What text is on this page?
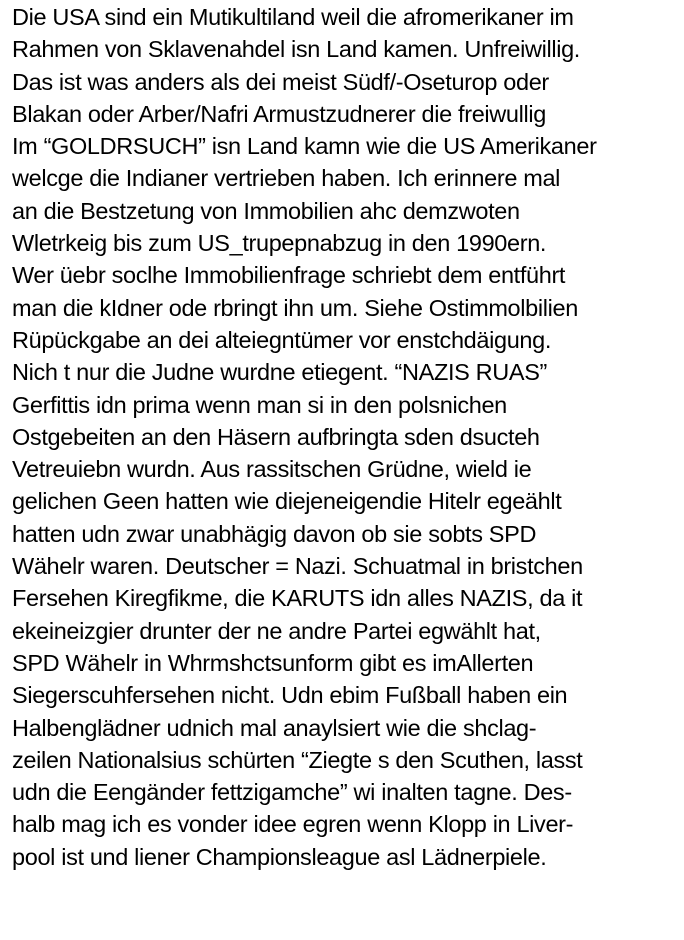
Die USA sind ein Mutikultiland weil die afromerikaner im
Rahmen von Sklavenahdel isn Land kamen. Unfreiwillig.
Das ist was anders als dei meist Südf/-Oseturop oder
Blakan oder Arber/Nafri Armustzudnerer die freiwullig
Im “GOLDRSUCH” isn Land kamn wie die US Amerikaner
welcge die Indianer vertrieben haben. Ich erinnere mal
an die Bestzetung von Immobilien ahc demzwoten
Wletrkeig bis zum US_trupepnabzug in den 1990ern.
Wer üebr soclhe Immobilienfrage schriebt dem entführt
man die kIdner ode rbringt ihn um. Siehe Ostimmolbilien
Rüpückgabe an dei alteiegntümer vor enstchdäigung.
Nich t nur die Judne wurdne etiegent. “NAZIS RUAS”
Gerfittis idn prima wenn man si in den polsnichen
Ostgebeiten an den Häsern aufbringta sden dsucteh
Vetreuiebn wurdn. Aus rassitschen Grüdne, wield ie
gelichen Geen hatten wie diejeneigendie Hitelr egeählt
hatten udn zwar unabhägig davon ob sie sobts SPD
Wähelr waren. Deutscher = Nazi. Schuatmal in bristchen
Fersehen Kiregfikme, die KARUTS idn alles NAZIS, da it
ekeineizgier drunter der ne andre Partei egwählt hat,
SPD Wähelr in Whrmshctsunform gibt es imAllerten
Siegerscuhfersehen nicht. Udn ebim Fußball haben ein
Halbenglädner udnich mal anaylsiert wie die shclag-
zeilen Nationalsius schürten “Ziegte s den Scuthen, lasst
udn die Eengänder fettzigamche” wi inalten tagne. Des-
halb mag ich es vonder idee egren wenn Klopp in Liver-
pool ist und liener Championsleague asl Lädnerpiele.
